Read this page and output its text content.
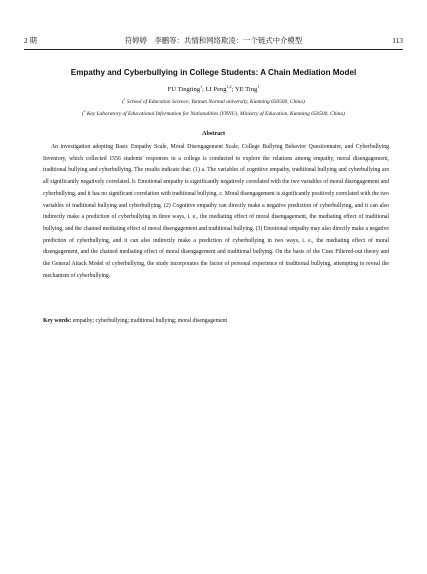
2 期	符婷婷　李鹏等：共情和网络欺凌：一个链式中介模型	113
Empathy and Cyberbullying in College Students: A Chain Mediation Model
FU Tingting$^1$; LI Peng$^{1,2}$; YE Ting$^1$
($^1$ School of Education Science, Yunnan Normal university, Kunming 650500, China)
($^2$ Key Laboratory of Educational Information for Nationalities (YNNU), Ministry of Education, Kunming 650500, China)
Abstract

An investigation adopting Basic Empathy Scale, Moral Disengagement Scale, College Bullying Behavior Questionnaire, and Cyberbullying Inventory, which collected 1556 students' responses in a college is conducted to explore the relations among empathy, moral disengagement, traditional bullying and cyberbullying. The results indicate that: (1) a. The variables of cognitive empathy, traditional bullying and cyberbullying are all significantly negatively correlated. b. Emotional empathy is significantly negatively correlated with the two variables of moral disengagement and cyberbullying, and it has no significant correlation with traditional bullying. c. Moral disengagement is significantly positively correlated with the two variables of traditional bullying and cyberbullying. (2) Cognitive empathy can directly make a negative prediction of cyberbullying, and it can also indirectly make a prediction of cyberbullying in three ways, i. e., the mediating effect of moral disengagement, the mediating effect of traditional bullying, and the chained mediating effect of moral disengagement and traditional bullying. (3) Emotional empathy may also directly make a negative prediction of cyberbullying, and it can also indirectly make a prediction of cyberbullying in two ways, i. e., the mediating effect of moral disengagement, and the chained mediating effect of moral disengagement and traditional bullying. On the basis of the Cues Filtered-out theory and the General Attack Model of cyberbullying, the study incorporates the factor of personal experience of traditional bullying, attempting to reveal the mechanism of cyberbullying.

Key words: empathy; cyberbullying; traditional bullying; moral disengagement
